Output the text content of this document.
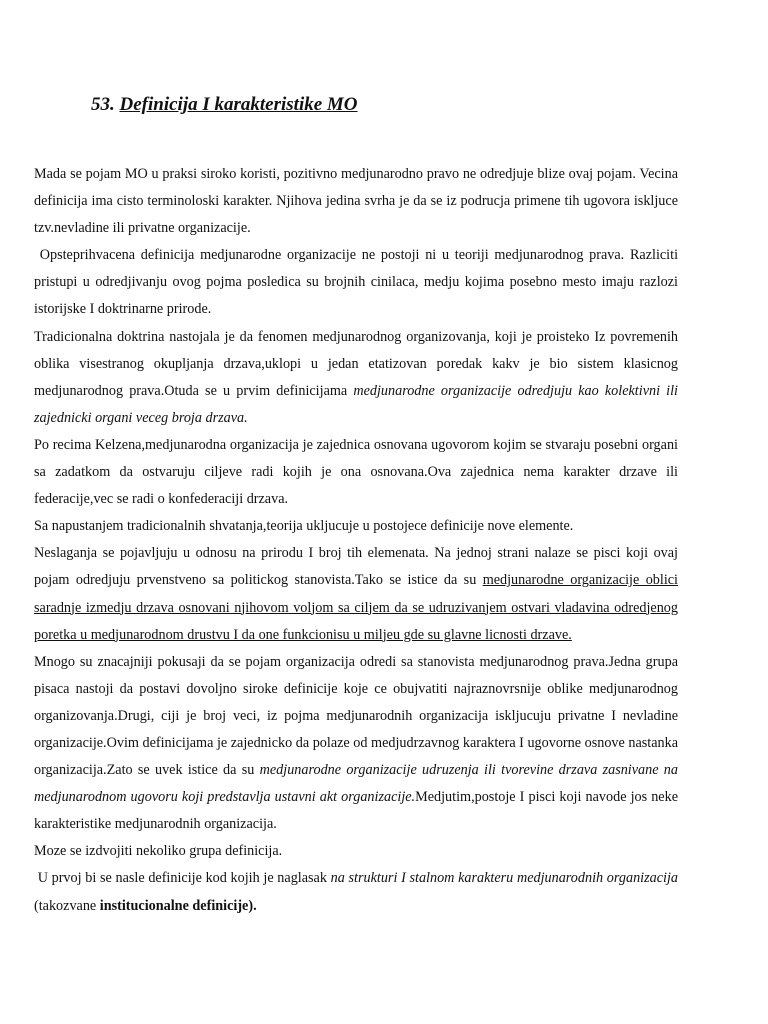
53. Definicija I karakteristike MO

Mada se pojam MO u praksi siroko koristi, pozitivno medjunarodno pravo ne odredjuje blize ovaj pojam. Vecina definicija ima cisto terminoloski karakter. Njihova jedina svrha je da se iz podrucja primene tih ugovora iskljuce tzv.nevladine ili privatne organizacije.

Opsteprihvacena definicija medjunarodne organizacije ne postoji ni u teoriji medjunarodnog prava. Razliciti pristupi u odredjivanju ovog pojma posledica su brojnih cinilaca, medju kojima posebno mesto imaju razlozi istorijske I doktrinarne prirode.

Tradicionalna doktrina nastojala je da fenomen medjunarodnog organizovanja, koji je proisteko Iz povremenih oblika visestranog okupljanja drzava,uklopi u jedan etatizovan poredak kakv je bio sistem klasicnog medjunarodnog prava.Otuda se u prvim definicijama medjunarodne organizacije odredjuju kao kolektivni ili zajednicki organi veceg broja drzava.

Po recima Kelzena,medjunarodna organizacija je zajednica osnovana ugovorom kojim se stvaraju posebni organi sa zadatkom da ostvaruju ciljeve radi kojih je ona osnovana.Ova zajednica nema karakter drzave ili federacije,vec se radi o konfederaciji drzava.

Sa napustanjem tradicionalnih shvatanja,teorija ukljucuje u postojece definicije nove elemente.

Neslaganja se pojavljuju u odnosu na prirodu I broj tih elemenata. Na jednoj strani nalaze se pisci koji ovaj pojam odredjuju prvenstveno sa politickog stanovista.Tako se istice da su medjunarodne organizacije oblici saradnje izmedju drzava osnovani njihovom voljom sa ciljem da se udruzivanjem ostvari vladavina odredjenog poretka u medjunarodnom drustvu I da one funkcionisu u miljeu gde su glavne licnosti drzave.

Mnogo su znacajniji pokusaji da se pojam organizacija odredi sa stanovista medjunarodnog prava.Jedna grupa pisaca nastoji da postavi dovoljno siroke definicije koje ce obujvatiti najraznovrsnije oblike medjunarodnog organizovanja.Drugi, ciji je broj veci, iz pojma medjunarodnih organizacija iskljucuju privatne I nevladine organizacije.Ovim definicijama je zajednicko da polaze od medjudrzavnog karaktera I ugovorne osnove nastanka organizacija.Zato se uvek istice da su medjunarodne organizacije udruzenja ili tvorevine drzava zasnivane na medjunarodnom ugovoru koji predstavlja ustavni akt organizacije.Medjutim,postoje I pisci koji navode jos neke karakteristike medjunarodnih organizacija.

Moze se izdvojiti nekoliko grupa definicija.

U prvoj bi se nasle definicije kod kojih je naglasak na strukturi I stalnom karakteru medjunarodnih organizacija (takozvane institucionalne definicije).
